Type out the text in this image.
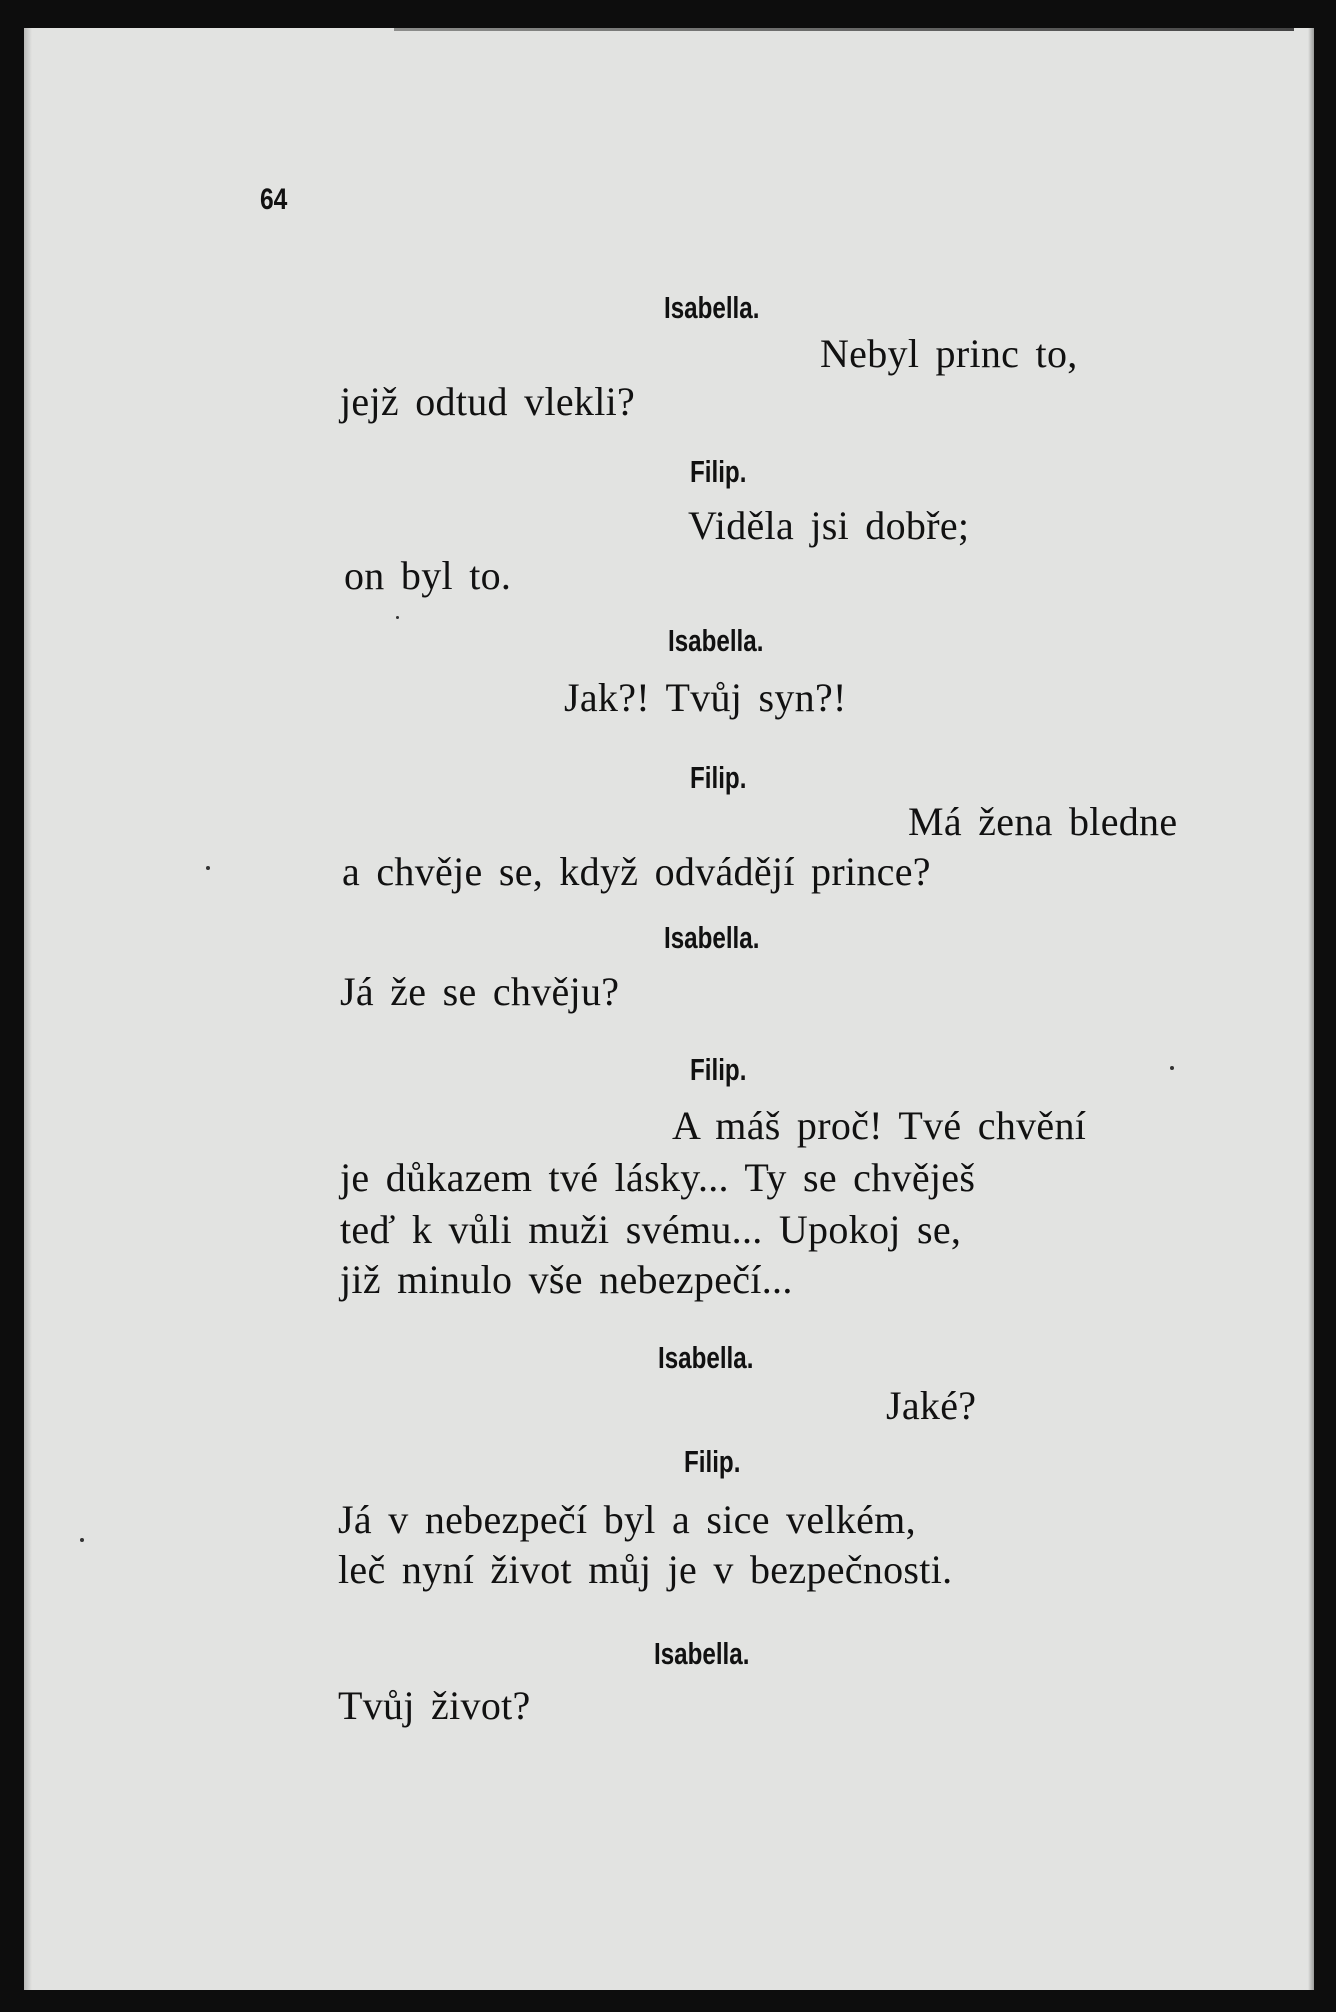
64
Isabella.
Nebyl princ to,
jejž odtud vlekli?
Filip.
Viděla jsi dobře;
on byl to.
Isabella.
Jak?! Tvůj syn?!
Filip.
Má žena bledne
a chvěje se, když odvádějí prince?
Isabella.
Já že se chvěju?
Filip.
A máš proč! Tvé chvění
je důkazem tvé lásky... Ty se chvěješ
teď k vůli muži svému... Upokoj se,
již minulo vše nebezpečí...
Isabella.
Jaké?
Filip.
Já v nebezpečí byl a sice velkém,
leč nyní život můj je v bezpečnosti.
Isabella.
Tvůj život?
